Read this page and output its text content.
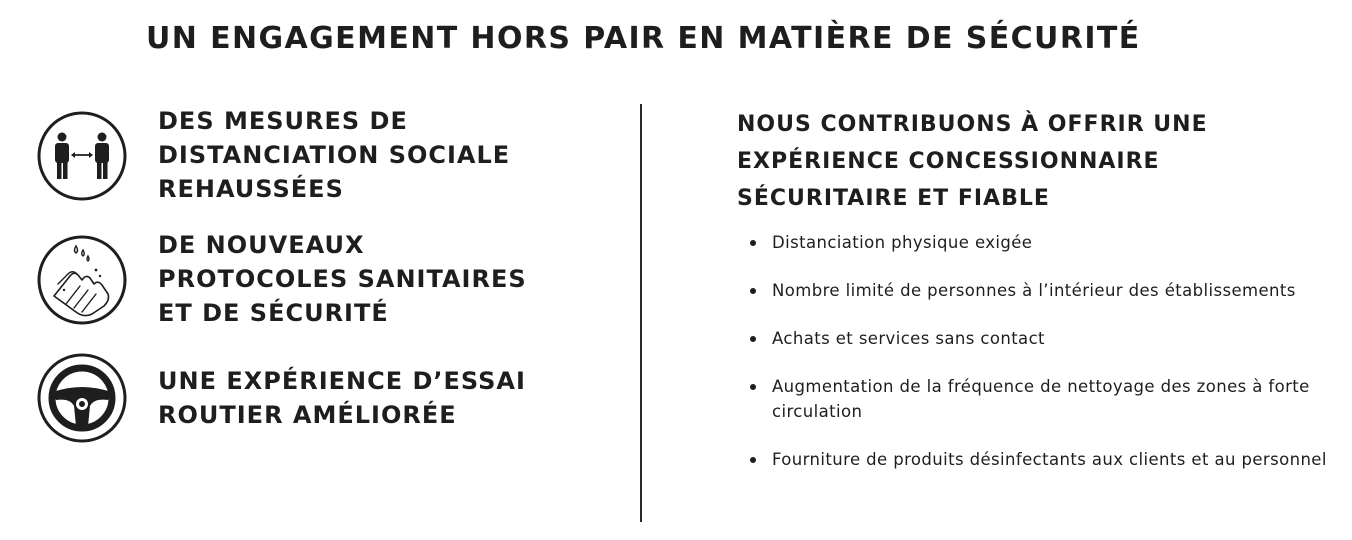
UN ENGAGEMENT HORS PAIR EN MATIÈRE DE SÉCURITÉ
DES MESURES DE
DISTANCIATION SOCIALE
REHAUSSÉES
DE NOUVEAUX
PROTOCOLES SANITAIRES
ET DE SÉCURITÉ
UNE EXPÉRIENCE D’ESSAI
ROUTIER AMÉLIORÉE
NOUS CONTRIBUONS À OFFRIR UNE
EXPÉRIENCE CONCESSIONNAIRE
SÉCURITAIRE ET FIABLE
Distanciation physique exigée
Nombre limité de personnes à l’intérieur des établissements
Achats et services sans contact
Augmentation de la fréquence de nettoyage des zones à forte circulation
Fourniture de produits désinfectants aux clients et au personnel
